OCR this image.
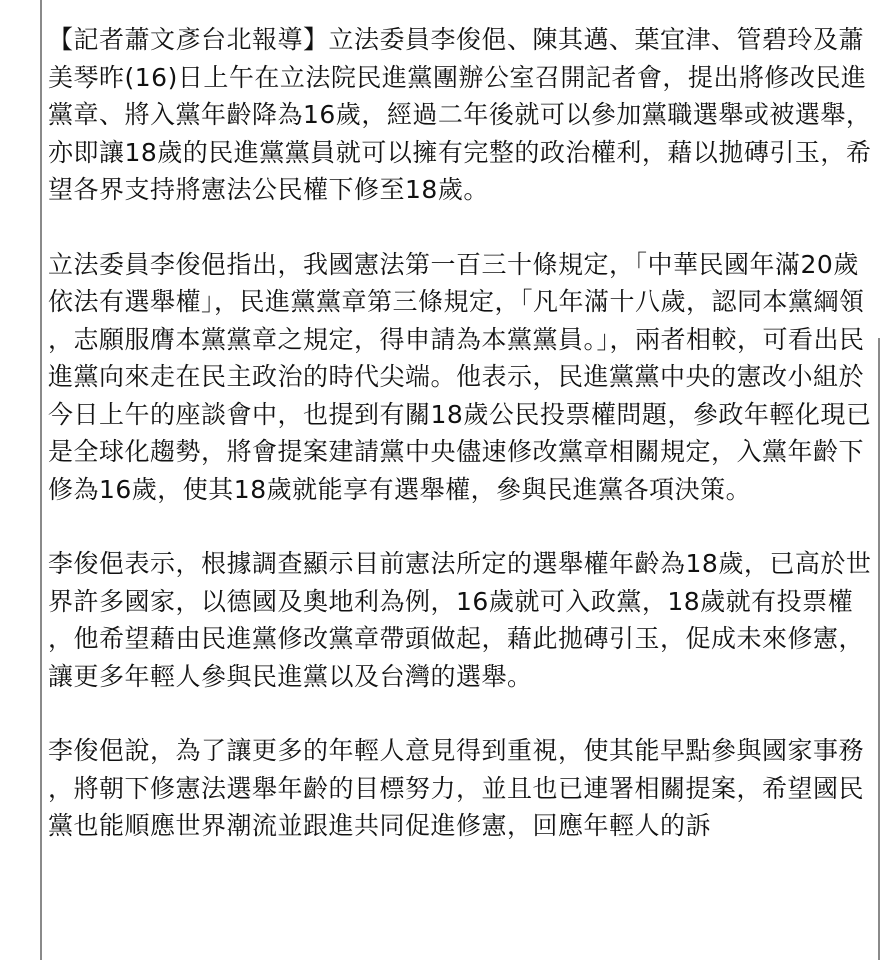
【記者蕭文彥台北報導】立法委員李俊俋、陳其邁、葉宜津、管碧玲及蕭美琴昨(16)日上午在立法院民進黨團辦公室召開記者會，提出將修改民進黨章、將入黨年齡降為16歲，經過二年後就可以參加黨職選舉或被選舉，亦即讓18歲的民進黨黨員就可以擁有完整的政治權利，藉以拋磚引玉，希望各界支持將憲法公民權下修至18歲。

立法委員李俊俋指出，我國憲法第一百三十條規定，「中華民國年滿20歲依法有選舉權」，民進黨黨章第三條規定，「凡年滿十八歲，認同本黨綱領，志願服膺本黨黨章之規定，得申請為本黨黨員。」，兩者相較，可看出民進黨向來走在民主政治的時代尖端。他表示，民進黨黨中央的憲改小組於今日上午的座談會中，也提到有關18歲公民投票權問題，參政年輕化現已是全球化趨勢，將會提案建請黨中央儘速修改黨章相關規定，入黨年齡下修為16歲，使其18歲就能享有選舉權，參與民進黨各項決策。

李俊俋表示，根據調查顯示目前憲法所定的選舉權年齡為18歲，已高於世界許多國家，以德國及奧地利為例，16歲就可入政黨，18歲就有投票權，他希望藉由民進黨修改黨章帶頭做起，藉此拋磚引玉，促成未來修憲，讓更多年輕人參與民進黨以及台灣的選舉。

李俊俋說，為了讓更多的年輕人意見得到重視，使其能早點參與國家事務，將朝下修憲法選舉年齡的目標努力，並且也已連署相關提案，希望國民黨也能順應世界潮流並跟進共同促進修憲，回應年輕人的訴
